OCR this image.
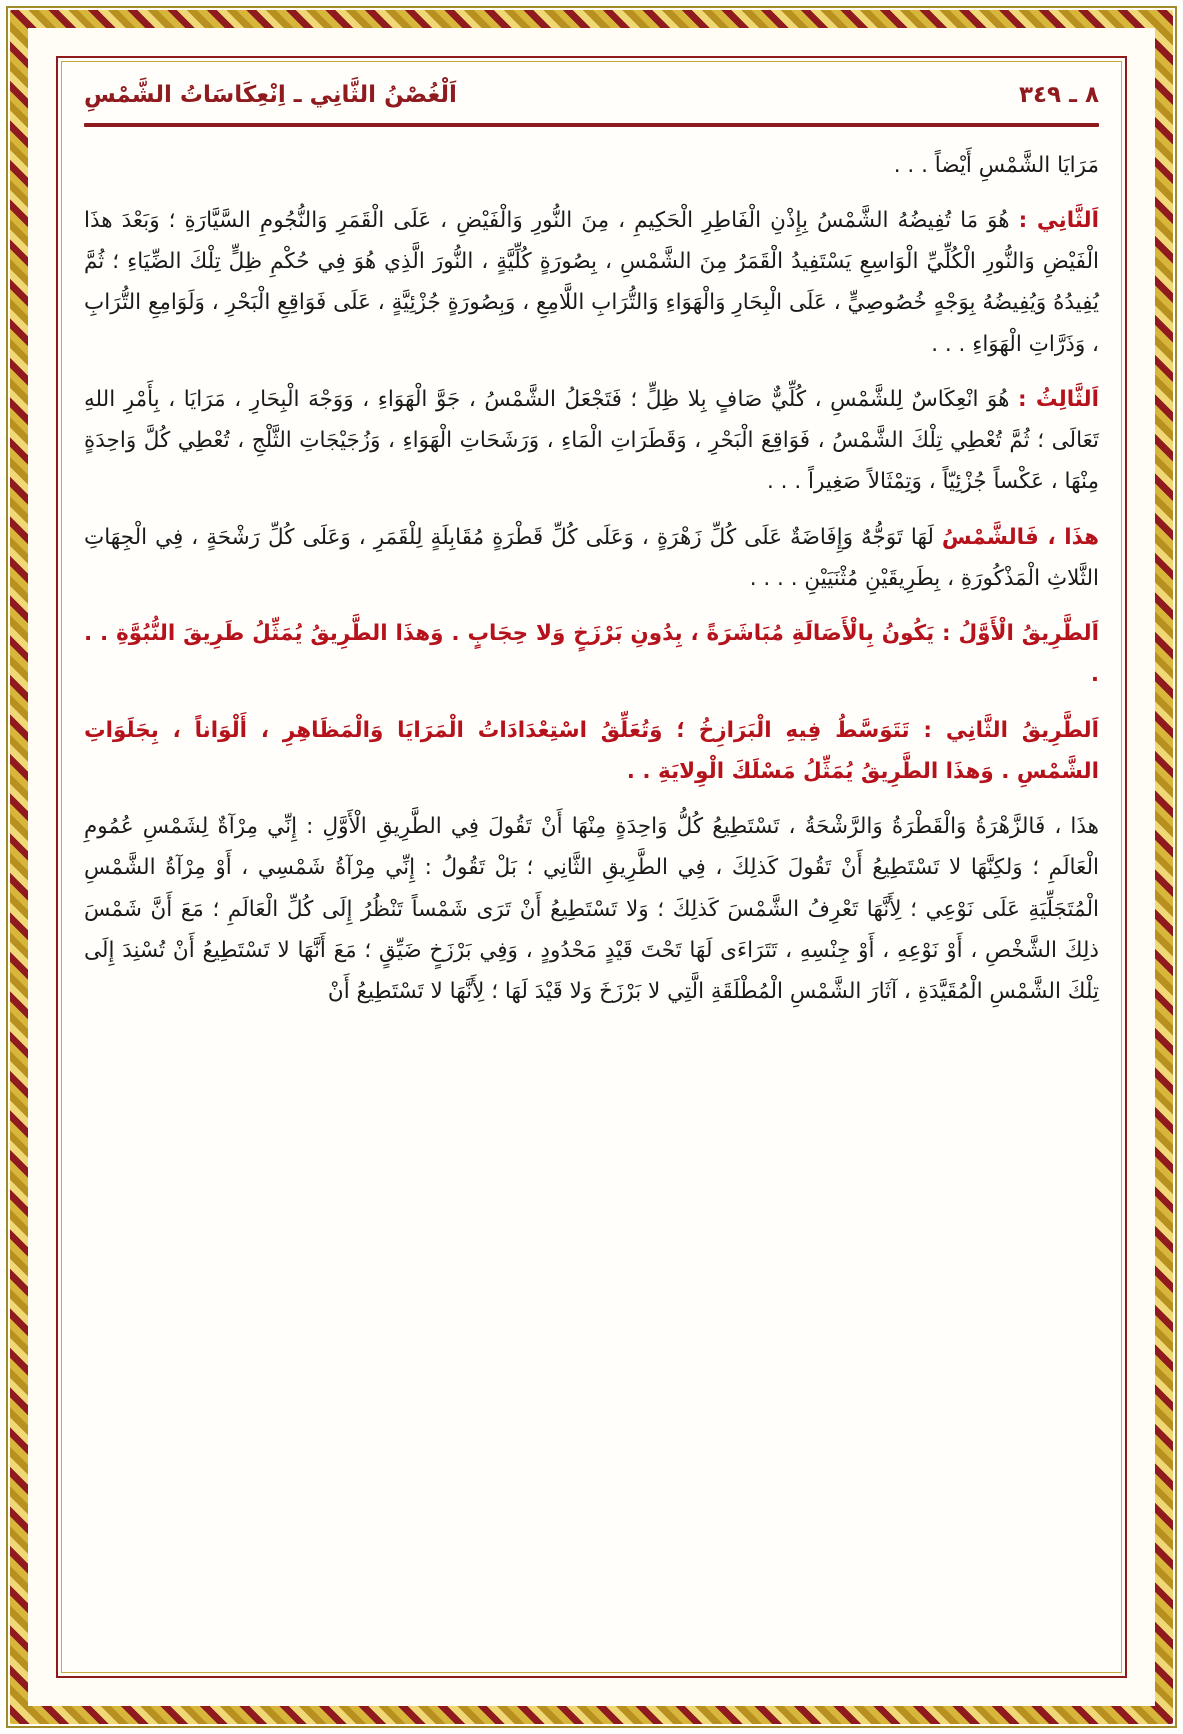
اَلْغُصْنُ الثَّانِي ـ اِنْعِكَاسَاتُ الشَّمْسِ	٨ ـ ٣٤٩

مَرَايَا الشَّمْسِ أَيْضاً . . .

اَلثَّانِي : هُوَ مَا تُفِيضُهُ الشَّمْسُ بِإِذْنِ الْفَاطِرِ الْحَكِيمِ ، مِنَ النُّورِ وَالْفَيْضِ ، عَلَى الْقَمَرِ وَالنُّجُومِ السَّيَّارَةِ ؛ وَبَعْدَ هذَا الْفَيْضِ وَالنُّورِ الْكُلِّيِّ الْوَاسِعِ يَسْتَفِيدُ الْقَمَرُ مِنَ الشَّمْسِ ، بِصُورَةٍ كُلِّيَّةٍ ، النُّورَ الَّذِي هُوَ فِي حُكْمِ ظِلٍّ تِلْكَ الضِّيَاءِ ؛ ثُمَّ يُفِيدُهُ وَيُفِيضُهُ بِوَجْهٍ خُصُوصِيٍّ ، عَلَى الْبِحَارِ وَالْهَوَاءِ وَالتُّرَابِ اللَّامِعِ ، وَبِصُورَةٍ جُزْئِيَّةٍ ، عَلَى فَوَاقِعِ الْبَحْرِ ، وَلَوَامِعِ التُّرَابِ ، وَذَرَّاتِ الْهَوَاءِ . . .

اَلثَّالِثُ : هُوَ انْعِكَاسٌ لِلشَّمْسِ ، كُلِّيٌّ صَافٍ بِلا ظِلٍّ ؛ فَتَجْعَلُ الشَّمْسُ ، جَوَّ الْهَوَاءِ ، وَوَجْهَ الْبِحَارِ ، مَرَايَا ، بِأَمْرِ اللهِ تَعَالَى ؛ ثُمَّ تُعْطِي تِلْكَ الشَّمْسُ ، فَوَاقِعَ الْبَحْرِ ، وَقَطَرَاتِ الْمَاءِ ، وَرَشَحَاتِ الْهَوَاءِ ، وَزُجَيْجَاتِ الثَّلْجِ ، تُعْطِي كُلَّ وَاحِدَةٍ مِنْهَا ، عَكْساً جُزْئِيّاً ، وَتِمْثَالاً صَغِيراً . . .

هذَا ، فَالشَّمْسُ لَهَا تَوَجُّهٌ وَإِفَاضَةٌ عَلَى كُلِّ زَهْرَةٍ ، وَعَلَى كُلِّ قَطْرَةٍ مُقَابِلَةٍ لِلْقَمَرِ ، وَعَلَى كُلِّ رَشْحَةٍ ، فِي الْجِهَاتِ الثَّلاثِ الْمَذْكُورَةِ ، بِطَرِيقَيْنِ مُثْنَيَيْنِ . . . .

اَلطَّرِيقُ الْأَوَّلُ : يَكُونُ بِالْأَصَالَةِ مُبَاشَرَةً ، بِدُونِ بَرْزَخٍ وَلا حِجَابٍ . وَهذَا الطَّرِيقُ يُمَثِّلُ طَرِيقَ النُّبُوَّةِ . . .

اَلطَّرِيقُ الثَّانِي : تَتَوَسَّطُ فِيهِ الْبَرَازِخُ ؛ وَتُعَلِّقُ اسْتِعْدَادَاتُ الْمَرَايَا وَالْمَظَاهِرِ ، أَلْوَاناً ، بِجَلَوَاتِ الشَّمْسِ . وَهذَا الطَّرِيقُ يُمَثِّلُ مَسْلَكَ الْوِلايَةِ . .

هذَا ، فَالزَّهْرَةُ وَالْقَطْرَةُ وَالرَّشْحَةُ ، تَسْتَطِيعُ كُلُّ وَاحِدَةٍ مِنْهَا أَنْ تَقُولَ فِي الطَّرِيقِ الْأَوَّلِ : إِنِّي مِرْآةٌ لِشَمْسِ عُمُومِ الْعَالَمِ ؛ وَلكِنَّهَا لا تَسْتَطِيعُ أَنْ تَقُولَ كَذلِكَ ، فِي الطَّرِيقِ الثَّانِي ؛ بَلْ تَقُولُ : إِنِّي مِرْآةُ شَمْسِي ، أَوْ مِرْآةُ الشَّمْسِ الْمُتَجَلِّيَةِ عَلَى نَوْعِي ؛ لِأَنَّهَا تَعْرِفُ الشَّمْسَ كَذلِكَ ؛ وَلا تَسْتَطِيعُ أَنْ تَرَى شَمْساً تَنْظُرُ إِلَى كُلِّ الْعَالَمِ ؛ مَعَ أَنَّ شَمْسَ ذلِكَ الشَّخْصِ ، أَوْ نَوْعِهِ ، أَوْ جِنْسِهِ ، تَتَرَاءَى لَهَا تَحْتَ قَيْدٍ مَحْدُودٍ ، وَفِي بَرْزَخٍ ضَيِّقٍ ؛ مَعَ أَنَّهَا لا تَسْتَطِيعُ أَنْ تُسْنِدَ إِلَى تِلْكَ الشَّمْسِ الْمُقَيَّدَةِ ، آثَارَ الشَّمْسِ الْمُطْلَقَةِ الَّتِي لا بَرْزَخَ وَلا قَيْدَ لَهَا ؛ لِأَنَّهَا لا تَسْتَطِيعُ أَنْ
